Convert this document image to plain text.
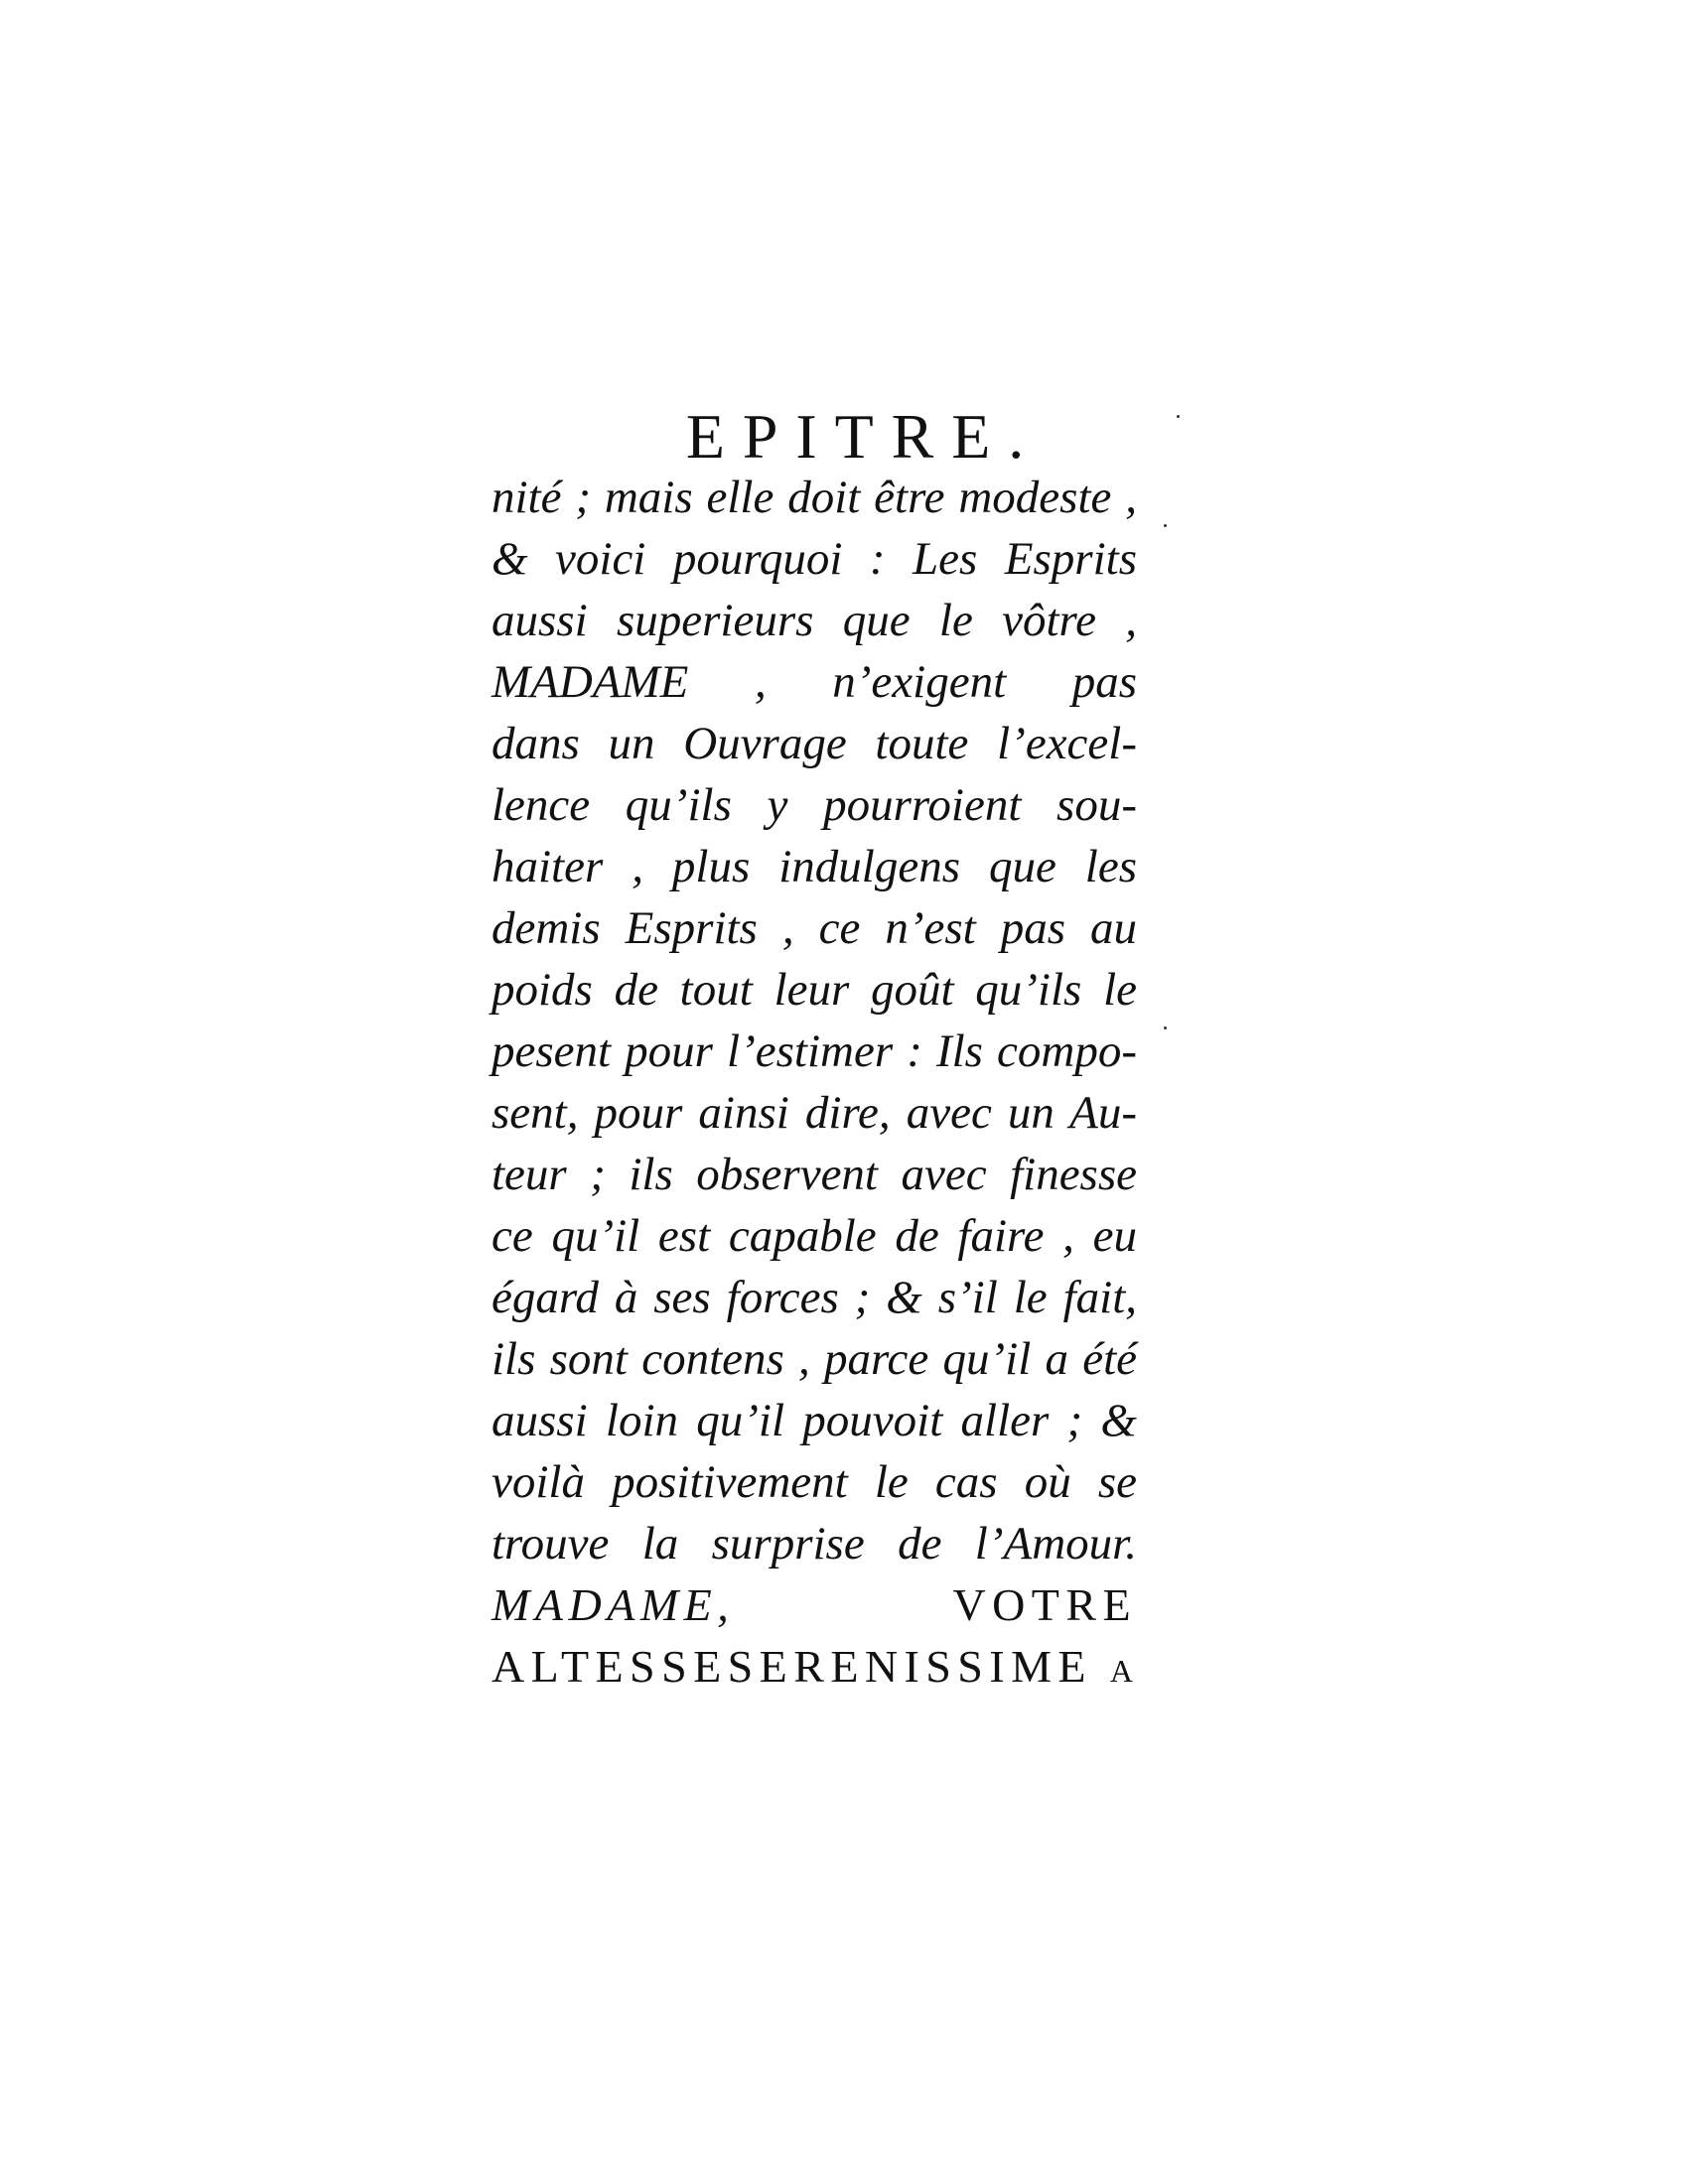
EPITRE.
nité ; mais elle doit être modeste ,
& voici pourquoi : Les Esprits
aussi superieurs que le vôtre ,
MADAME , n’exigent pas
dans un Ouvrage toute l’excel-
lence qu’ils y pourroient sou-
haiter , plus indulgens que les
demis Esprits , ce n’est pas au
poids de tout leur goût qu’ils le
pesent pour l’estimer : Ils compo-
sent, pour ainsi dire, avec un Au-
teur ; ils observent avec finesse
ce qu’il est capable de faire , eu
égard à ses forces ; & s’il le fait,
ils sont contens , parce qu’il a été
aussi loin qu’il pouvoit aller ; &
voilà positivement le cas où se
trouve la surprise de l’Amour.
MADAME,	VOTRE
ALTESSE SERENISSIME a
